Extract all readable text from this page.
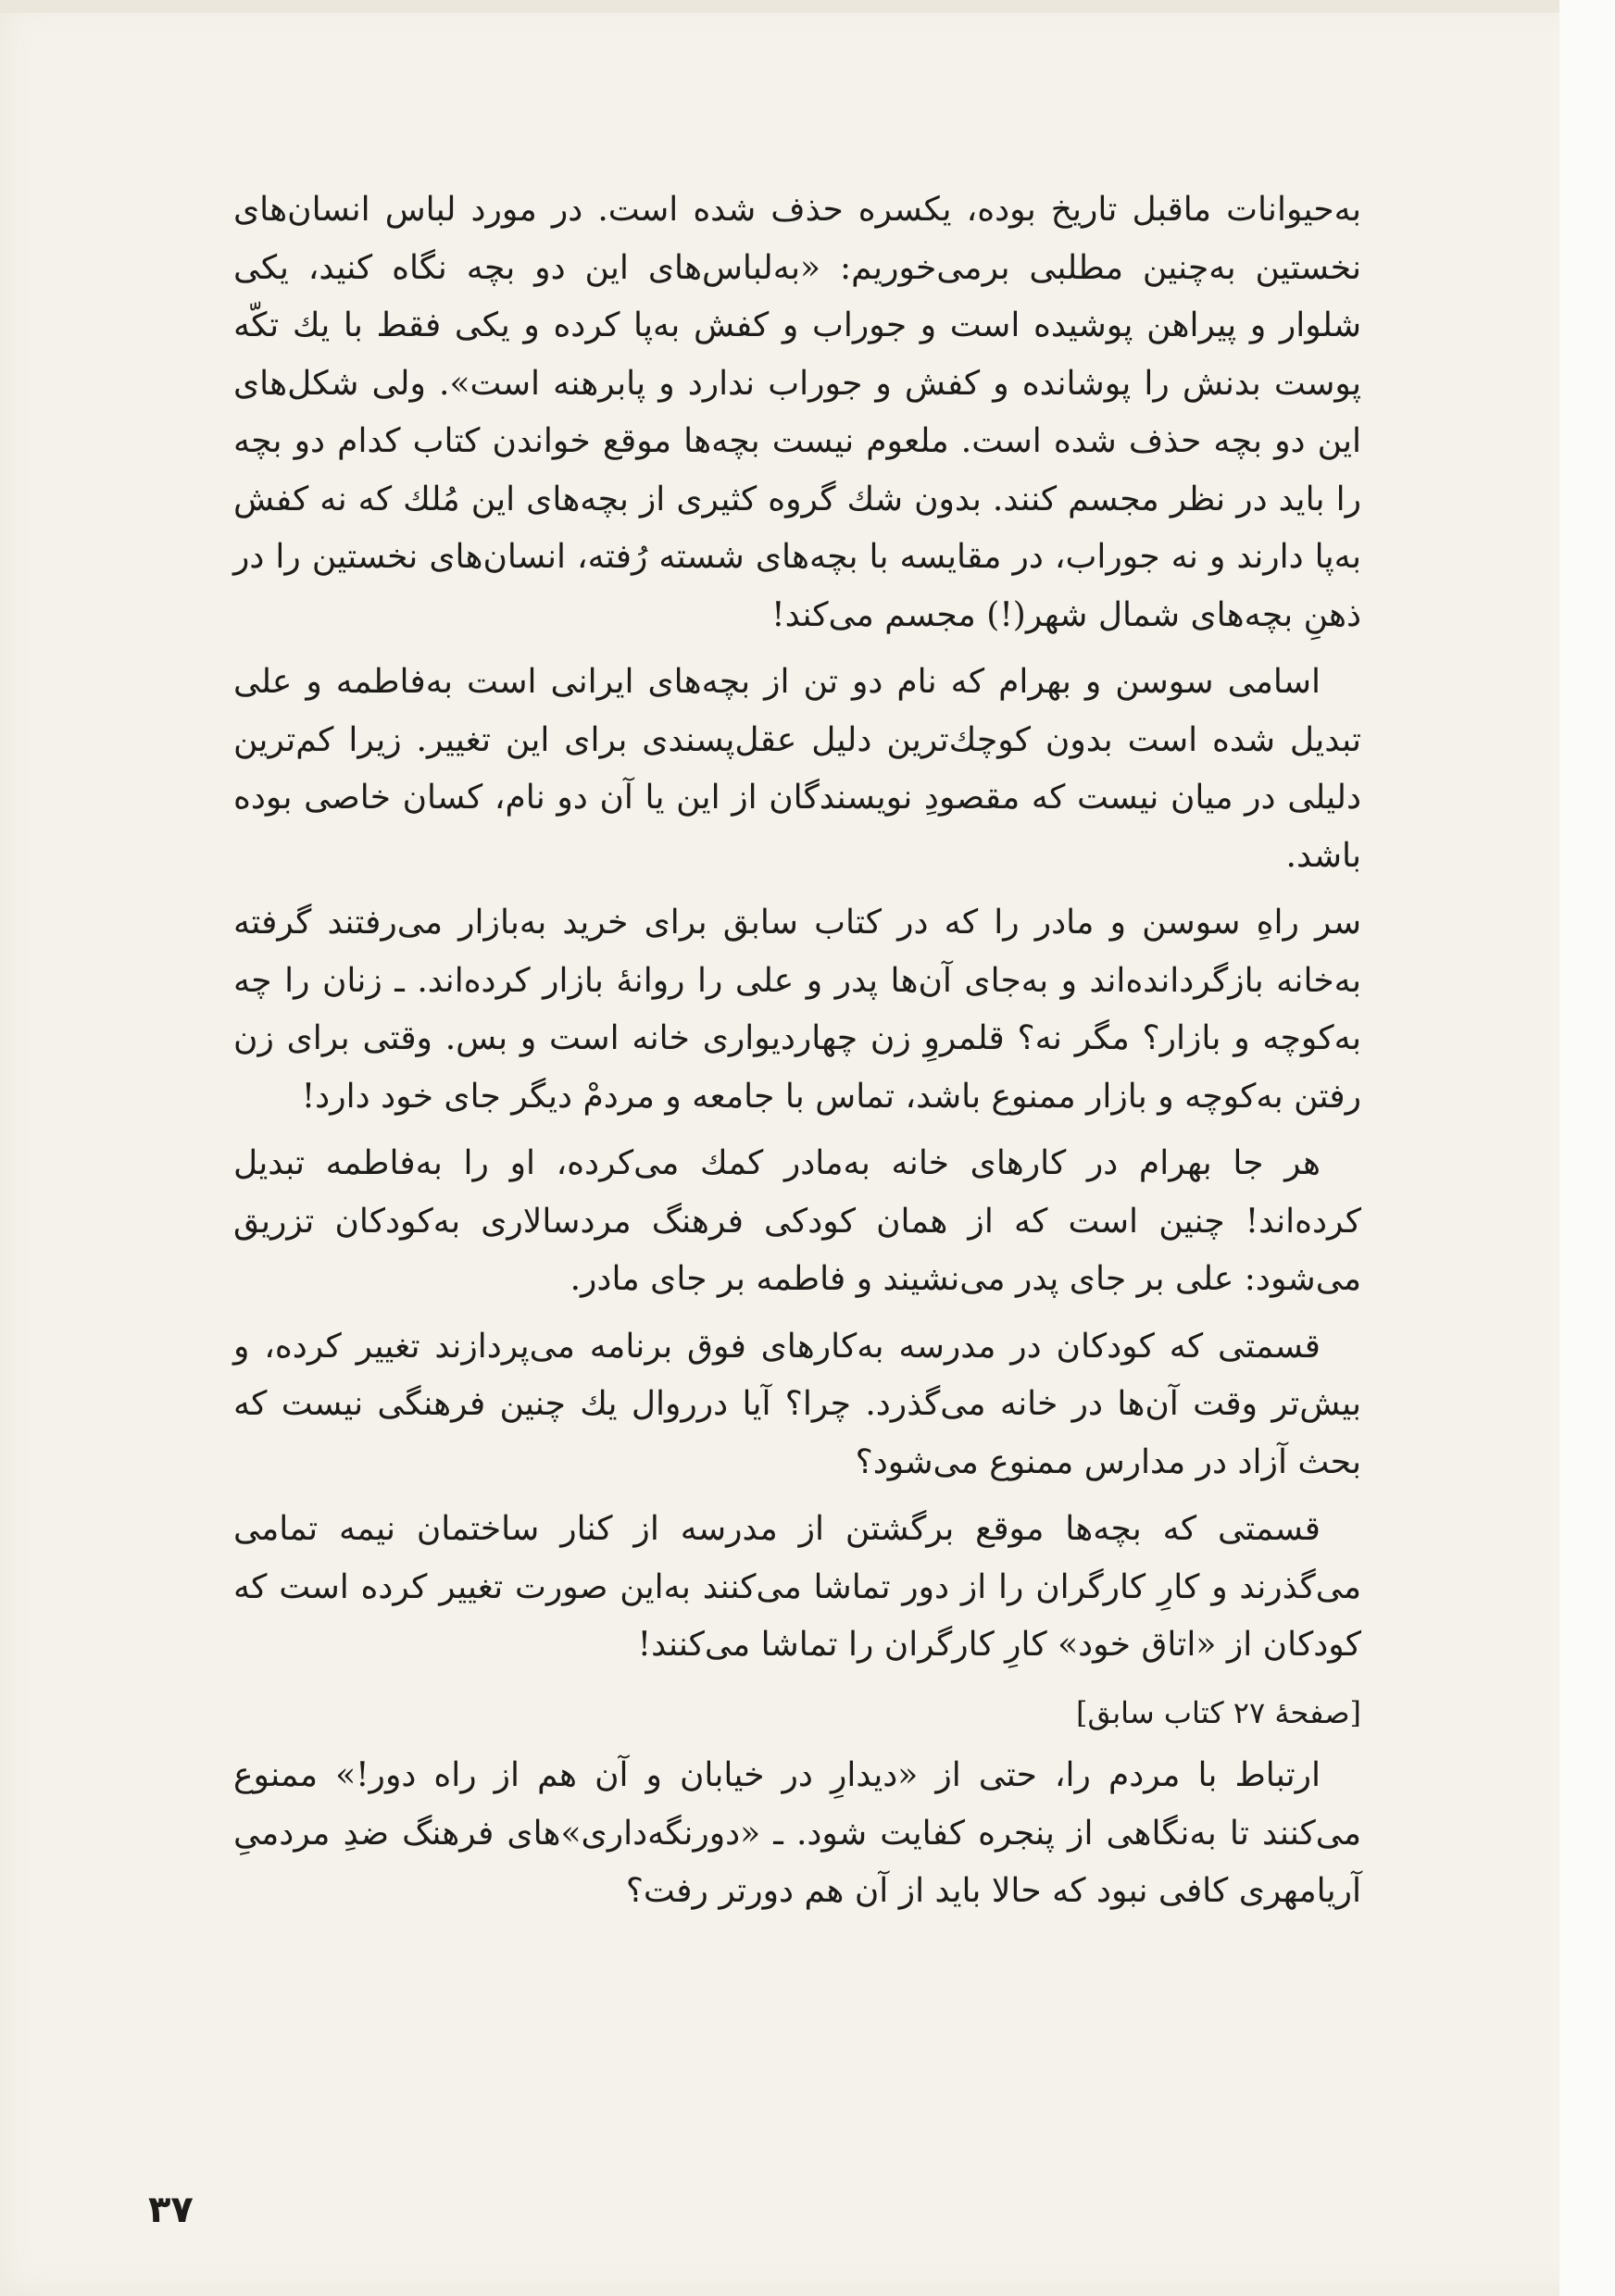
به‌حیوانات ماقبل تاریخ بوده، یکسره حذف شده است. در مورد لباس انسان‌های نخستین به‌چنین مطلبی برمی‌خوریم: «به‌لباس‌های این دو بچه نگاه کنید، یکی شلوار و پیراهن پوشیده است و جوراب و کفش به‌پا کرده و یکی فقط با یك تکّه پوست بدنش را پوشانده و کفش و جوراب ندارد و پابرهنه است». ولی شکل‌های این دو بچه حذف شده است. ملعوم نیست بچه‌ها موقع خواندن کتاب کدام دو بچه را باید در نظر مجسم کنند. بدون شك گروه کثیری از بچه‌های این مُلك که نه کفش به‌پا دارند و نه جوراب، در مقایسه با بچه‌های شسته رُفته، انسان‌های نخستین را در ذهنِ بچه‌های شمال شهر(!) مجسم می‌کند!

اسامی سوسن و بهرام که نام دو تن از بچه‌های ایرانی است به‌فاطمه و علی تبدیل شده است بدون کوچك‌ترین دلیل عقل‌پسندی برای این تغییر. زیرا کم‌ترین دلیلی در میان نیست که مقصودِ نویسندگان از این یا آن دو نام، کسان خاصی بوده باشد.

سر راهِ سوسن و مادر را که در کتاب سابق برای خرید به‌بازار می‌رفتند گرفته به‌خانه بازگردانده‌اند و به‌جای آن‌ها پدر و علی را روانهٔ بازار کرده‌اند. ـ زنان را چه به‌کوچه و بازار؟ مگر نه؟ قلمروِ زن چهاردیواری خانه است و بس. وقتی برای زن رفتن به‌کوچه و بازار ممنوع باشد، تماس با جامعه و مردمْ دیگر جای خود دارد!

هر جا بهرام در کارهای خانه به‌مادر کمك می‌کرده، او را به‌فاطمه تبدیل کرده‌اند! چنین است که از همان کودکی فرهنگ مردسالاری به‌کودکان تزریق می‌شود: علی بر جای پدر می‌نشیند و فاطمه بر جای مادر.

قسمتی که کودکان در مدرسه به‌کارهای فوق برنامه می‌پردازند تغییر کرده، و بیش‌تر وقت آن‌ها در خانه می‌گذرد. چرا؟ آیا درروال یك چنین فرهنگی نیست که بحث آزاد در مدارس ممنوع می‌شود؟

قسمتی که بچه‌ها موقع برگشتن از مدرسه از کنار ساختمان نیمه تمامی می‌گذرند و کارِ کارگران را از دور تماشا می‌کنند به‌این صورت تغییر کرده است که کودکان از «اتاق خود» کارِ کارگران را تماشا می‌کنند!

[صفحهٔ ۲۷ کتاب سابق]

ارتباط با مردم را، حتی از «دیدارِ در خیابان و آن هم از راه دور!» ممنوع می‌کنند تا به‌نگاهی از پنجره کفایت شود. ـ «دورنگه‌داری»های فرهنگ ضدِ مردمیِ آریامهری کافی نبود که حالا باید از آن هم دورتر رفت؟

۳۷
